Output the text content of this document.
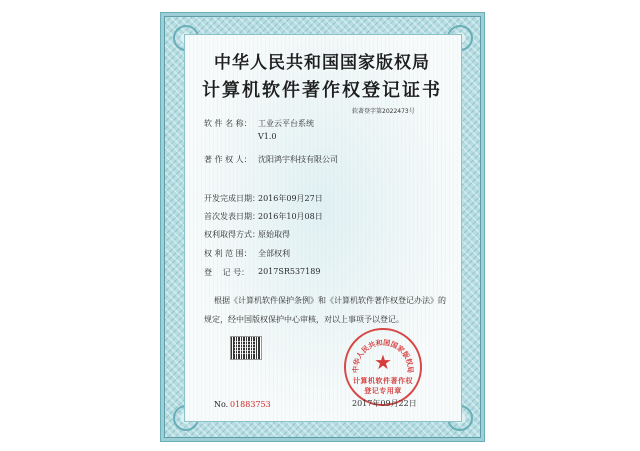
中华人民共和国国家版权局
计算机软件著作权登记证书
软著登字第2022473号
软 件 名 称： 工业云平台系统
V1.0
著 作 权 人： 沈阳鸿宇科技有限公司
开发完成日期：
2016年09月27日
首次发表日期：
2016年10月08日
权利取得方式：
原始取得
权 利 范 围： 全部权利
登　 记 号： 2017SR537189
根据《计算机软件保护条例》和《计算机软件著作权登记办法》的
规定，经中国版权保护中心审核，对以上事项予以登记。
中华人民共和国国家版权局
★
计算机软件著作权
登记专用章
No. 01883753	2017年09月22日
